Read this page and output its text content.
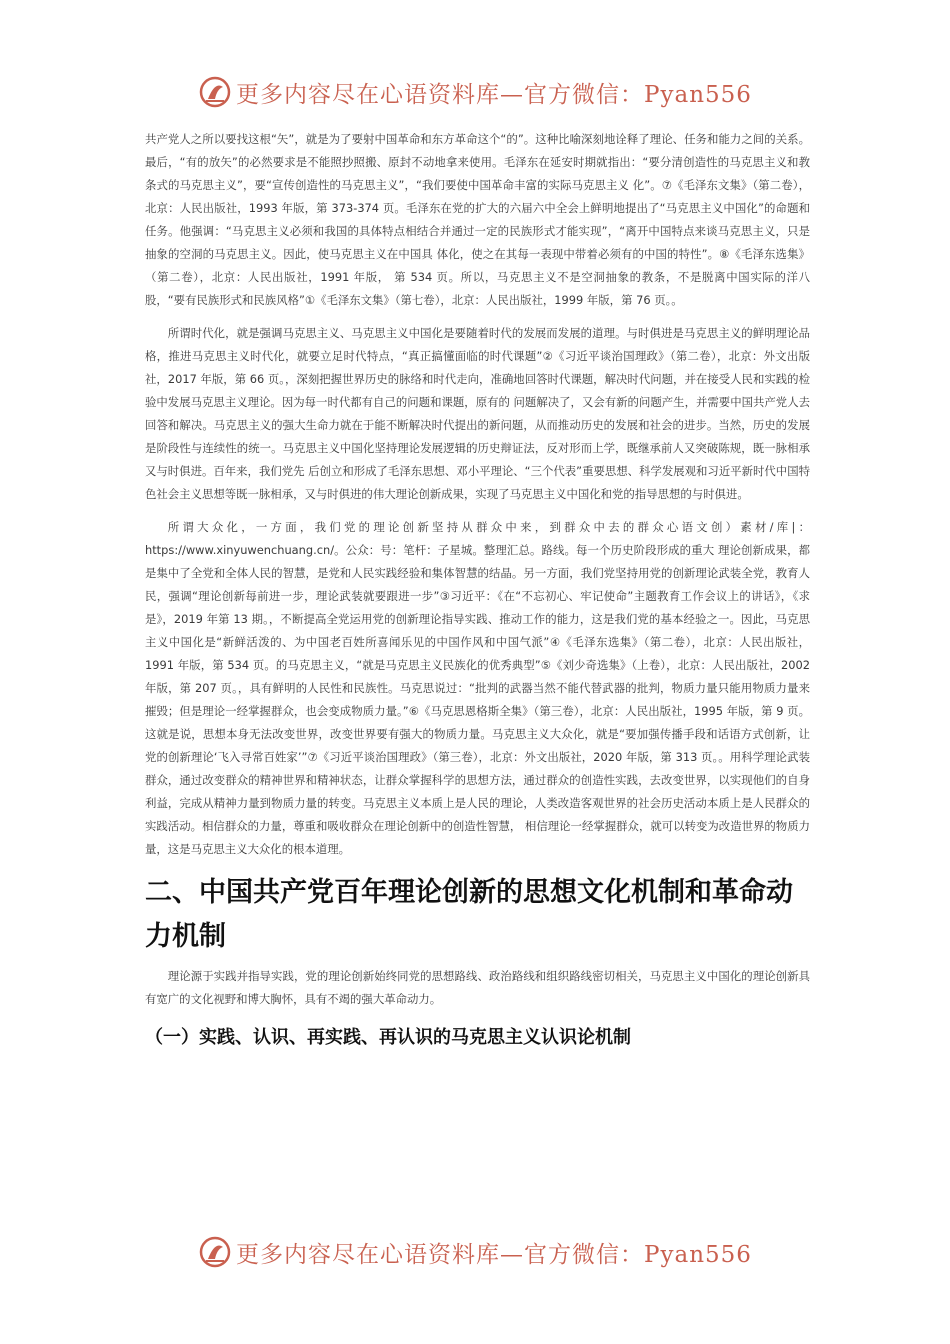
更多内容尽在心语资料库—官方微信：Pyan556

共产党人之所以要找这根“矢”，就是为了要射中国革命和东方革命这个“的”。这种比喻深刻地诠释了理论、任务和能力之间的关系。最后，“有的放矢”的必然要求是不能照抄照搬、原封不动地拿来使用。毛泽东在延安时期就指出：“要分清创造性的马克思主义和教条式的马克思主义”，要“宣传创造性的马克思主义”，“我们要使中国革命丰富的实际马克思主义 化”。⑦《毛泽东文集》（第二卷），北京：人民出版社，1993 年版，第 373-374 页。毛泽东在党的扩大的六届六中全会上鲜明地提出了“马克思主义中国化”的命题和任务。他强调：“马克思主义必须和我国的具体特点相结合并通过一定的民族形式才能实现”，“离开中国特点来谈马克思主义，只是抽象的空洞的马克思主义。因此，使马克思主义在中国具 体化，使之在其每一表现中带着必须有的中国的特性”。⑧《毛泽东选集》（第二卷），北京：人民出版社，1991 年版， 第 534 页。所以，马克思主义不是空洞抽象的教条，不是脱离中国实际的洋八股，“要有民族形式和民族风格”①《毛泽东文集》（第七卷），北京：人民出版社，1999 年版，第 76 页。。

所谓时代化，就是强调马克思主义、马克思主义中国化是要随着时代的发展而发展的道理。与时俱进是马克思主义的鲜明理论品格，推进马克思主义时代化，就要立足时代特点，“真正搞懂面临的时代课题”②《习近平谈治国理政》（第二卷），北京：外文出版社，2017 年版，第 66 页。，深刻把握世界历史的脉络和时代走向，准确地回答时代课题，解决时代问题，并在接受人民和实践的检验中发展马克思主义理论。因为每一时代都有自己的问题和课题，原有的 问题解决了，又会有新的问题产生，并需要中国共产党人去回答和解决。马克思主义的强大生命力就在于能不断解决时代提出的新问题，从而推动历史的发展和社会的进步。当然，历史的发展是阶段性与连续性的统一。马克思主义中国化坚持理论发展逻辑的历史辩证法，反对形而上学，既继承前人又突破陈规，既一脉相承又与时俱进。百年来，我们党先 后创立和形成了毛泽东思想、邓小平理论、“三个代表”重要思想、科学发展观和习近平新时代中国特色社会主义思想等既一脉相承，又与时俱进的伟大理论创新成果，实现了马克思主义中国化和党的指导思想的与时俱进。

所谓大众化，一方面，我们党的理论创新坚持从群众中来，到群众中去的群众心语文创）素材/库|：https://www.xinyuwenchuang.cn/。公众：号：笔杆：子星城。整理汇总。路线。每一个历史阶段形成的重大 理论创新成果，都是集中了全党和全体人民的智慧，是党和人民实践经验和集体智慧的结晶。另一方面，我们党坚持用党的创新理论武装全党，教育人民，强调“理论创新每前进一步，理论武装就要跟进一步”③习近平：《在“不忘初心、牢记使命”主题教育工作会议上的讲话》，《求是》，2019 年第 13 期。，不断提高全党运用党的创新理论指导实践、推动工作的能力，这是我们党的基本经验之一。因此，马克思主义中国化是“新鲜活泼的、为中国老百姓所喜闻乐见的中国作风和中国气派”④《毛泽东选集》（第二卷），北京：人民出版社，1991 年版，第 534 页。的马克思主义，“就是马克思主义民族化的优秀典型”⑤《刘少奇选集》（上卷），北京：人民出版社，2002 年版，第 207 页。，具有鲜明的人民性和民族性。马克思说过：“批判的武器当然不能代替武器的批判，物质力量只能用物质力量来摧毁；但是理论一经掌握群众，也会变成物质力量。”⑥《马克思恩格斯全集》（第三卷），北京：人民出版社，1995 年版，第 9 页。这就是说，思想本身无法改变世界，改变世界要有强大的物质力量。马克思主义大众化，就是“要加强传播手段和话语方式创新，让党的创新理论‘飞入寻常百姓家’”⑦《习近平谈治国理政》（第三卷），北京：外文出版社，2020 年版，第 313 页。。用科学理论武装群众，通过改变群众的精神世界和精神状态，让群众掌握科学的思想方法，通过群众的创造性实践，去改变世界，以实现他们的自身利益，完成从精神力量到物质力量的转变。马克思主义本质上是人民的理论，人类改造客观世界的社会历史活动本质上是人民群众的实践活动。相信群众的力量，尊重和吸收群众在理论创新中的创造性智慧， 相信理论一经掌握群众，就可以转变为改造世界的物质力量，这是马克思主义大众化的根本道理。

二、中国共产党百年理论创新的思想文化机制和革命动力机制

理论源于实践并指导实践，党的理论创新始终同党的思想路线、政治路线和组织路线密切相关，马克思主义中国化的理论创新具有宽广的文化视野和博大胸怀，具有不竭的强大革命动力。

（一）实践、认识、再实践、再认识的马克思主义认识论机制
更多内容尽在心语资料库—官方微信：Pyan556
